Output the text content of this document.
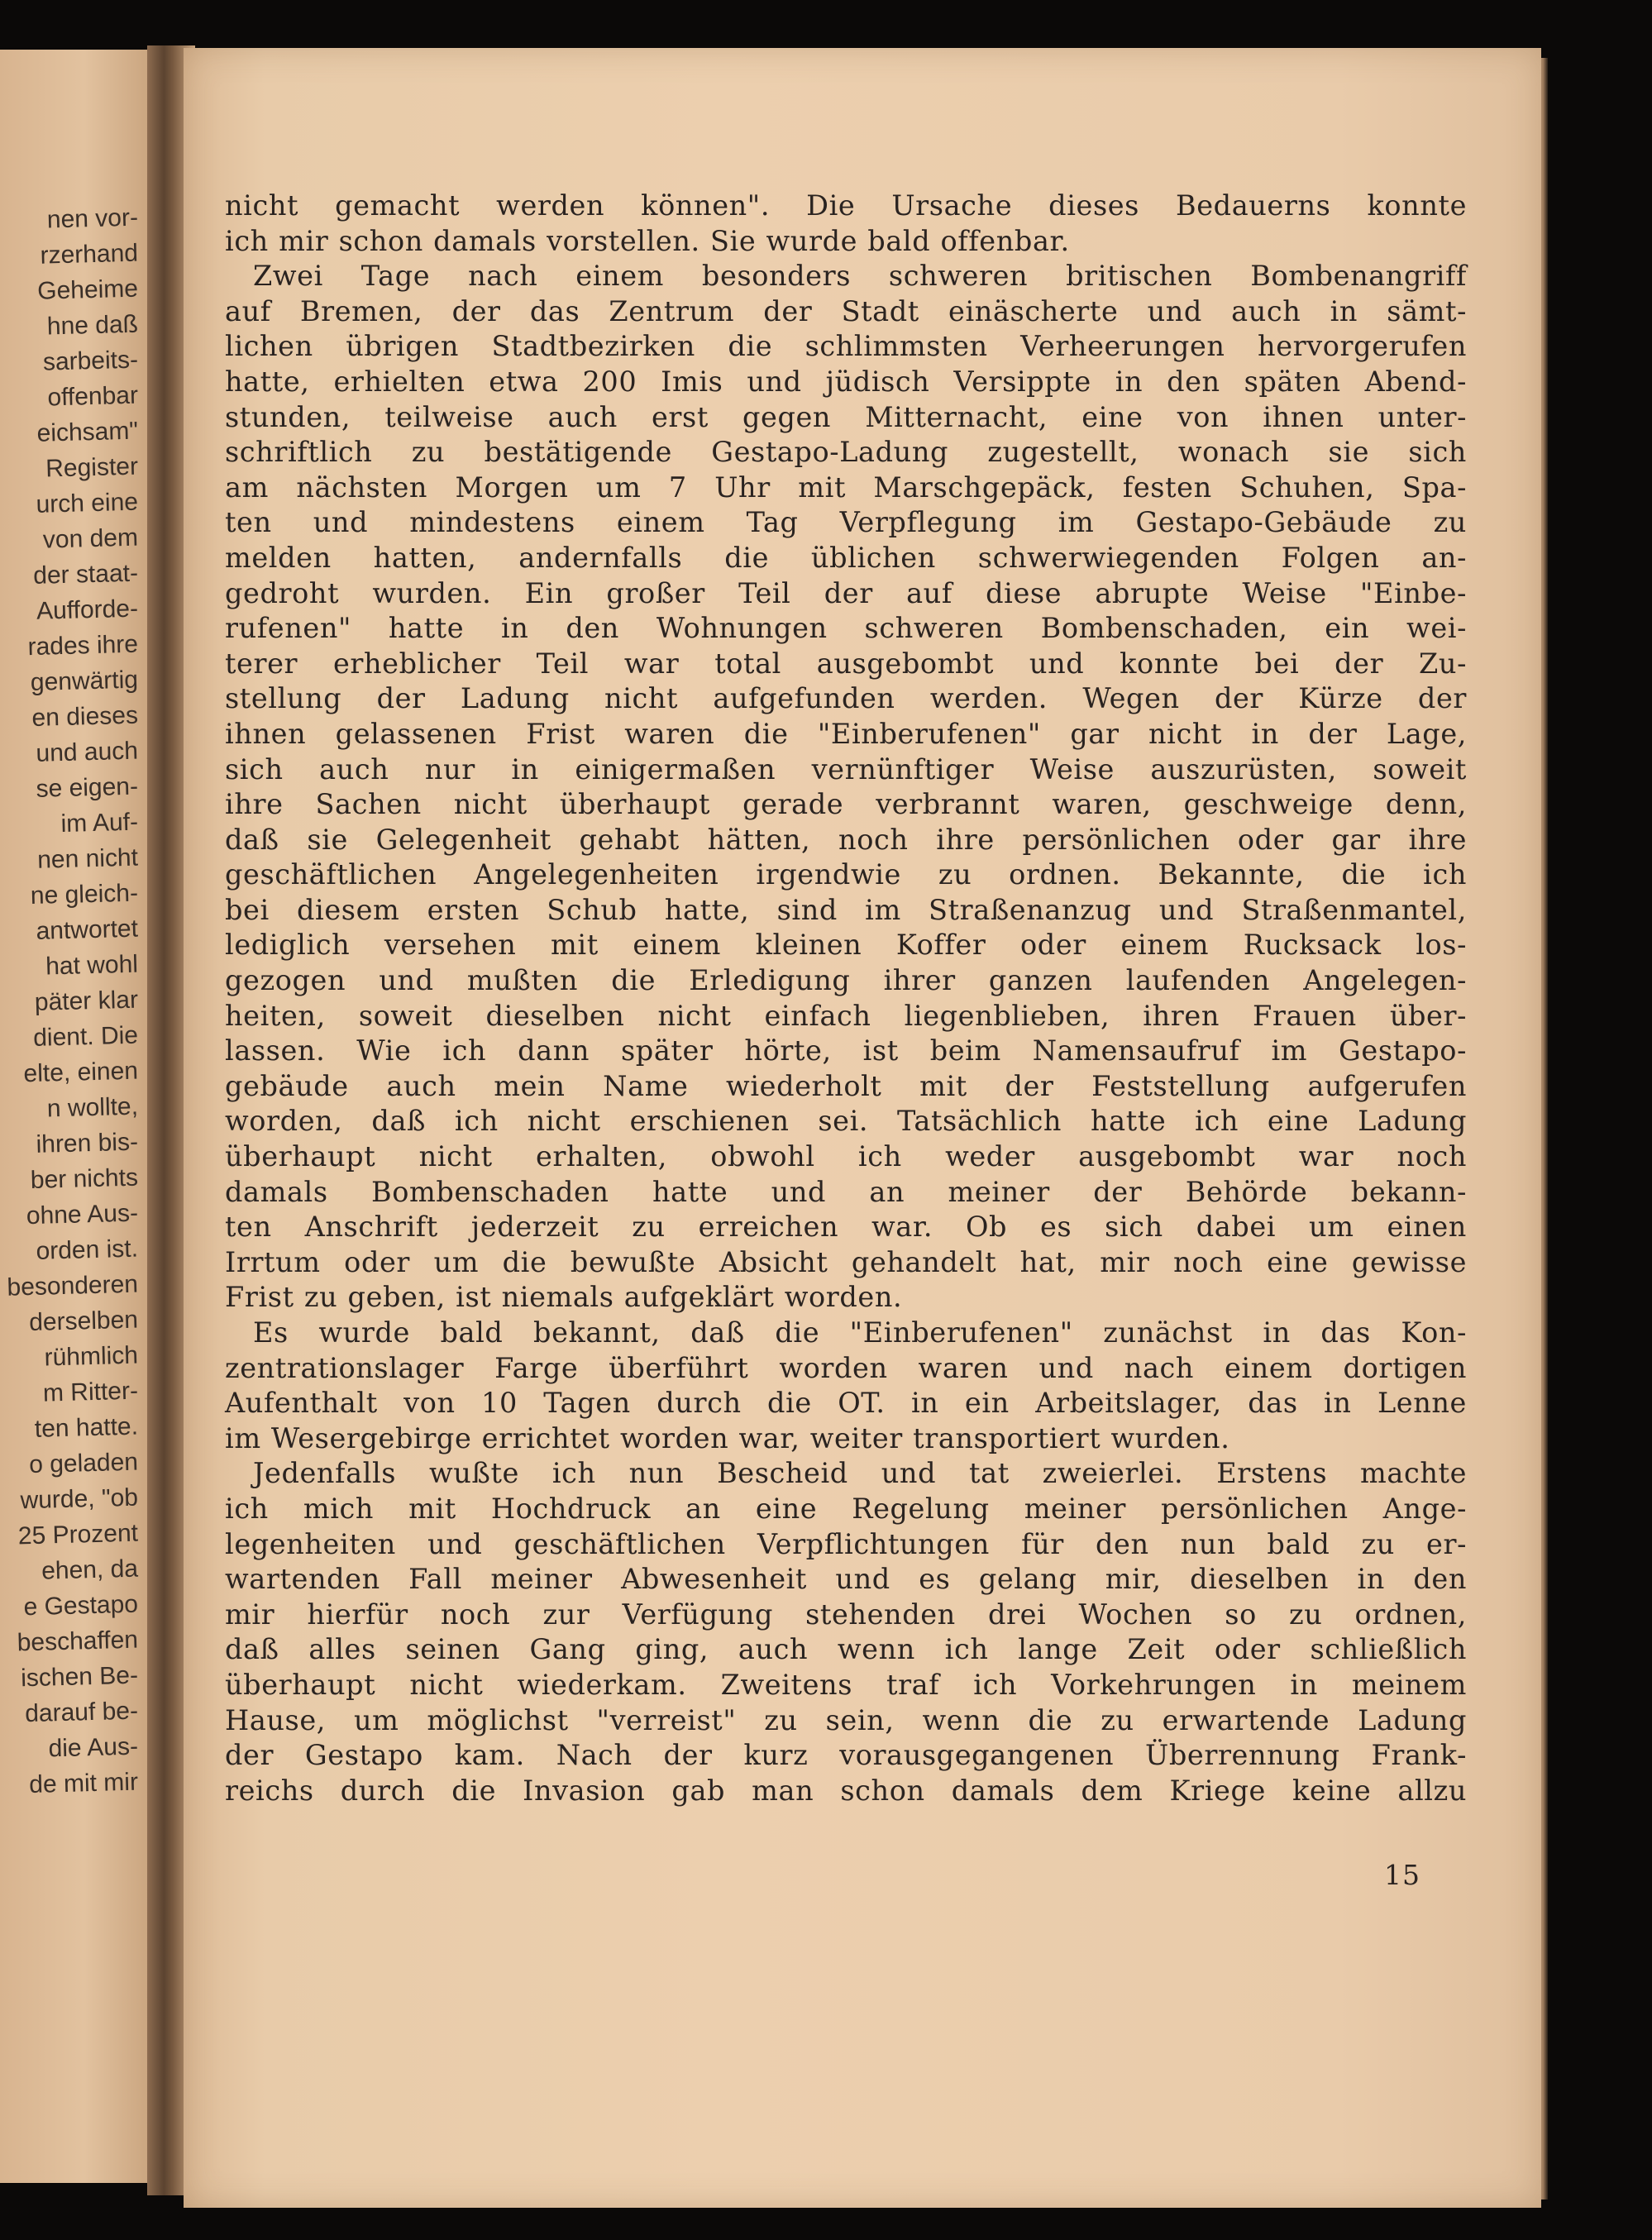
nen vor-
rzerhand
Geheime
hne daß
sarbeits-
offenbar
eichsam"
Register
urch eine
von dem
der staat-
Aufforde-
rades ihre
genwärtig
en dieses
und auch
se eigen-
im Auf-
nen nicht
ne gleich-
antwortet
hat wohl
päter klar
dient. Die
elte, einen
n wollte,
ihren bis-
ber nichts
ohne Aus-
orden ist.
besonderen
derselben
rühmlich
m Ritter-
ten hatte.
o geladen
wurde, "ob
25 Prozent
ehen, da
e Gestapo
beschaffen
ischen Be-
darauf be-
die Aus-
de mit mir
nicht gemacht werden können". Die Ursache dieses Bedauerns konnte
ich mir schon damals vorstellen. Sie wurde bald offenbar.
Zwei Tage nach einem besonders schweren britischen Bombenangriff
auf Bremen, der das Zentrum der Stadt einäscherte und auch in sämt-
lichen übrigen Stadtbezirken die schlimmsten Verheerungen hervorgerufen
hatte, erhielten etwa 200 Imis und jüdisch Versippte in den späten Abend-
stunden, teilweise auch erst gegen Mitternacht, eine von ihnen unter-
schriftlich zu bestätigende Gestapo-Ladung zugestellt, wonach sie sich
am nächsten Morgen um 7 Uhr mit Marschgepäck, festen Schuhen, Spa-
ten und mindestens einem Tag Verpflegung im Gestapo-Gebäude zu
melden hatten, andernfalls die üblichen schwerwiegenden Folgen an-
gedroht wurden. Ein großer Teil der auf diese abrupte Weise "Einbe-
rufenen" hatte in den Wohnungen schweren Bombenschaden, ein wei-
terer erheblicher Teil war total ausgebombt und konnte bei der Zu-
stellung der Ladung nicht aufgefunden werden. Wegen der Kürze der
ihnen gelassenen Frist waren die "Einberufenen" gar nicht in der Lage,
sich auch nur in einigermaßen vernünftiger Weise auszurüsten, soweit
ihre Sachen nicht überhaupt gerade verbrannt waren, geschweige denn,
daß sie Gelegenheit gehabt hätten, noch ihre persönlichen oder gar ihre
geschäftlichen Angelegenheiten irgendwie zu ordnen. Bekannte, die ich
bei diesem ersten Schub hatte, sind im Straßenanzug und Straßenmantel,
lediglich versehen mit einem kleinen Koffer oder einem Rucksack los-
gezogen und mußten die Erledigung ihrer ganzen laufenden Angelegen-
heiten, soweit dieselben nicht einfach liegenblieben, ihren Frauen über-
lassen. Wie ich dann später hörte, ist beim Namensaufruf im Gestapo-
gebäude auch mein Name wiederholt mit der Feststellung aufgerufen
worden, daß ich nicht erschienen sei. Tatsächlich hatte ich eine Ladung
überhaupt nicht erhalten, obwohl ich weder ausgebombt war noch
damals Bombenschaden hatte und an meiner der Behörde bekann-
ten Anschrift jederzeit zu erreichen war. Ob es sich dabei um einen
Irrtum oder um die bewußte Absicht gehandelt hat, mir noch eine gewisse
Frist zu geben, ist niemals aufgeklärt worden.
Es wurde bald bekannt, daß die "Einberufenen" zunächst in das Kon-
zentrationslager Farge überführt worden waren und nach einem dortigen
Aufenthalt von 10 Tagen durch die OT. in ein Arbeitslager, das in Lenne
im Wesergebirge errichtet worden war, weiter transportiert wurden.
Jedenfalls wußte ich nun Bescheid und tat zweierlei. Erstens machte
ich mich mit Hochdruck an eine Regelung meiner persönlichen Ange-
legenheiten und geschäftlichen Verpflichtungen für den nun bald zu er-
wartenden Fall meiner Abwesenheit und es gelang mir, dieselben in den
mir hierfür noch zur Verfügung stehenden drei Wochen so zu ordnen,
daß alles seinen Gang ging, auch wenn ich lange Zeit oder schließlich
überhaupt nicht wiederkam. Zweitens traf ich Vorkehrungen in meinem
Hause, um möglichst "verreist" zu sein, wenn die zu erwartende Ladung
der Gestapo kam. Nach der kurz vorausgegangenen Überrennung Frank-
reichs durch die Invasion gab man schon damals dem Kriege keine allzu
15
